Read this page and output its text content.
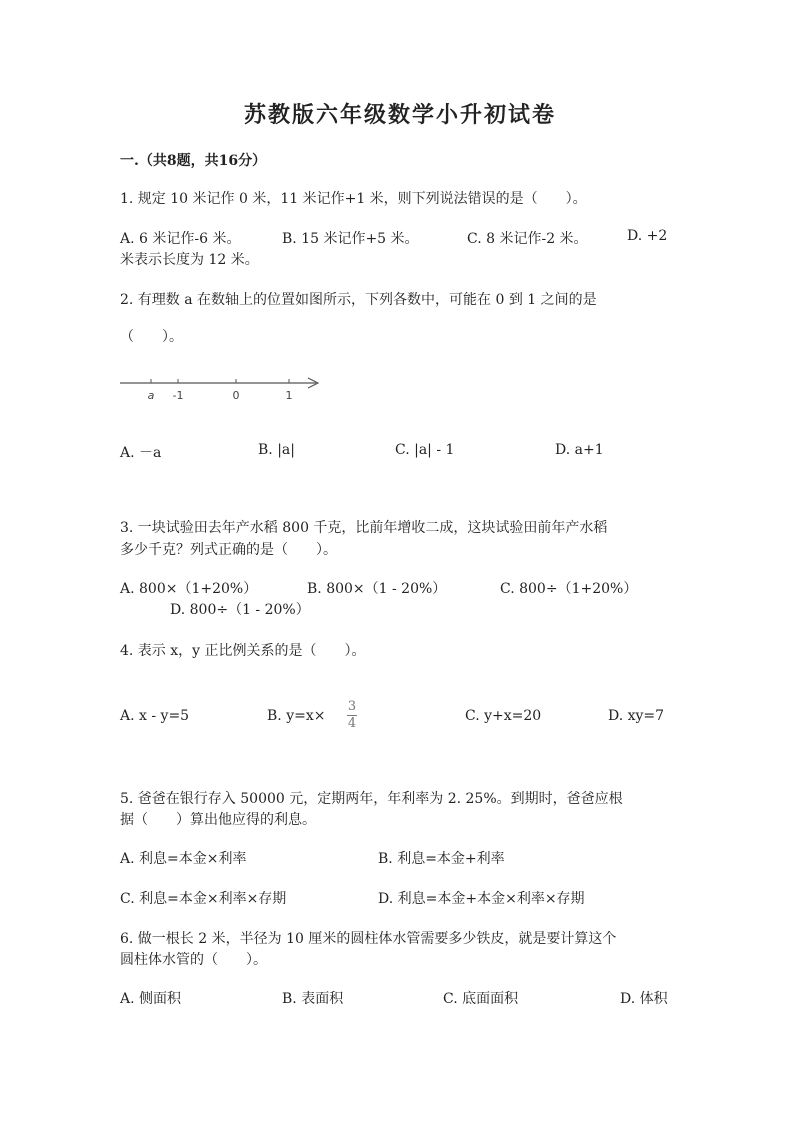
苏教版六年级数学小升初试卷
一.（共8题，共16分）
1. 规定 10 米记作 0 米，11 米记作+1 米，则下列说法错误的是（　　）。
A. 6 米记作-6 米。	B. 15 米记作+5 米。	C. 8 米记作-2 米。	D. +2
米表示长度为 12 米。
2. 有理数 a 在数轴上的位置如图所示，下列各数中，可能在 0 到 1 之间的是
（　　）。
a -1	0	1
A. －a	B. |a|	C. |a| - 1	D. a+1
3. 一块试验田去年产水稻 800 千克，比前年增收二成，这块试验田前年产水稻
多少千克？列式正确的是（　　）。
A. 800×（1+20%）	B. 800×（1 - 20%）	C. 800÷（1+20%）
D. 800÷（1 - 20%）
4. 表示 x，y 正比例关系的是（　　）。
A. x - y=5	B. $y=x\times \frac{3}{4}$	C. y+x=20	D. xy=7
5. 爸爸在银行存入 50000 元，定期两年，年利率为 2. 25%。到期时，爸爸应根
据（　　）算出他应得的利息。
A. 利息=本金×利率	B. 利息=本金+利率
C. 利息=本金×利率×存期	D. 利息=本金+本金×利率×存期
6. 做一根长 2 米，半径为 10 厘米的圆柱体水管需要多少铁皮，就是要计算这个
圆柱体水管的（　　）。
A. 侧面积	B. 表面积	C. 底面面积	D. 体积
